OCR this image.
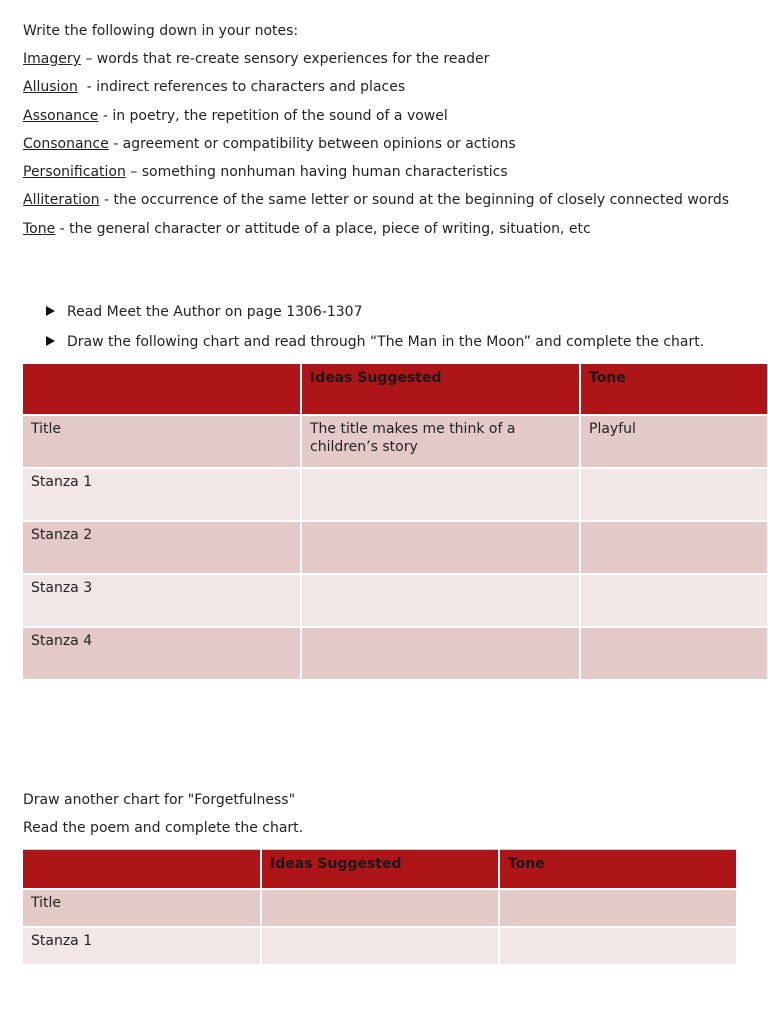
Write the following down in your notes:
Imagery – words that re-create sensory experiences for the reader
Allusion  - indirect references to characters and places
Assonance - in poetry, the repetition of the sound of a vowel
Consonance - agreement or compatibility between opinions or actions
Personification – something nonhuman having human characteristics
Alliteration - the occurrence of the same letter or sound at the beginning of closely connected words
Tone - the general character or attitude of a place, piece of writing, situation, etc
Read Meet the Author on page 1306-1307
Draw the following chart and read through “The Man in the Moon” and complete the chart.
	Ideas Suggested	Tone
Title	The title makes me think of a children’s story	Playful
Stanza 1		
Stanza 2		
Stanza 3		
Stanza 4		
Draw another chart for "Forgetfulness"
Read the poem and complete the chart.
	Ideas Suggested	Tone
Title		
Stanza 1		
